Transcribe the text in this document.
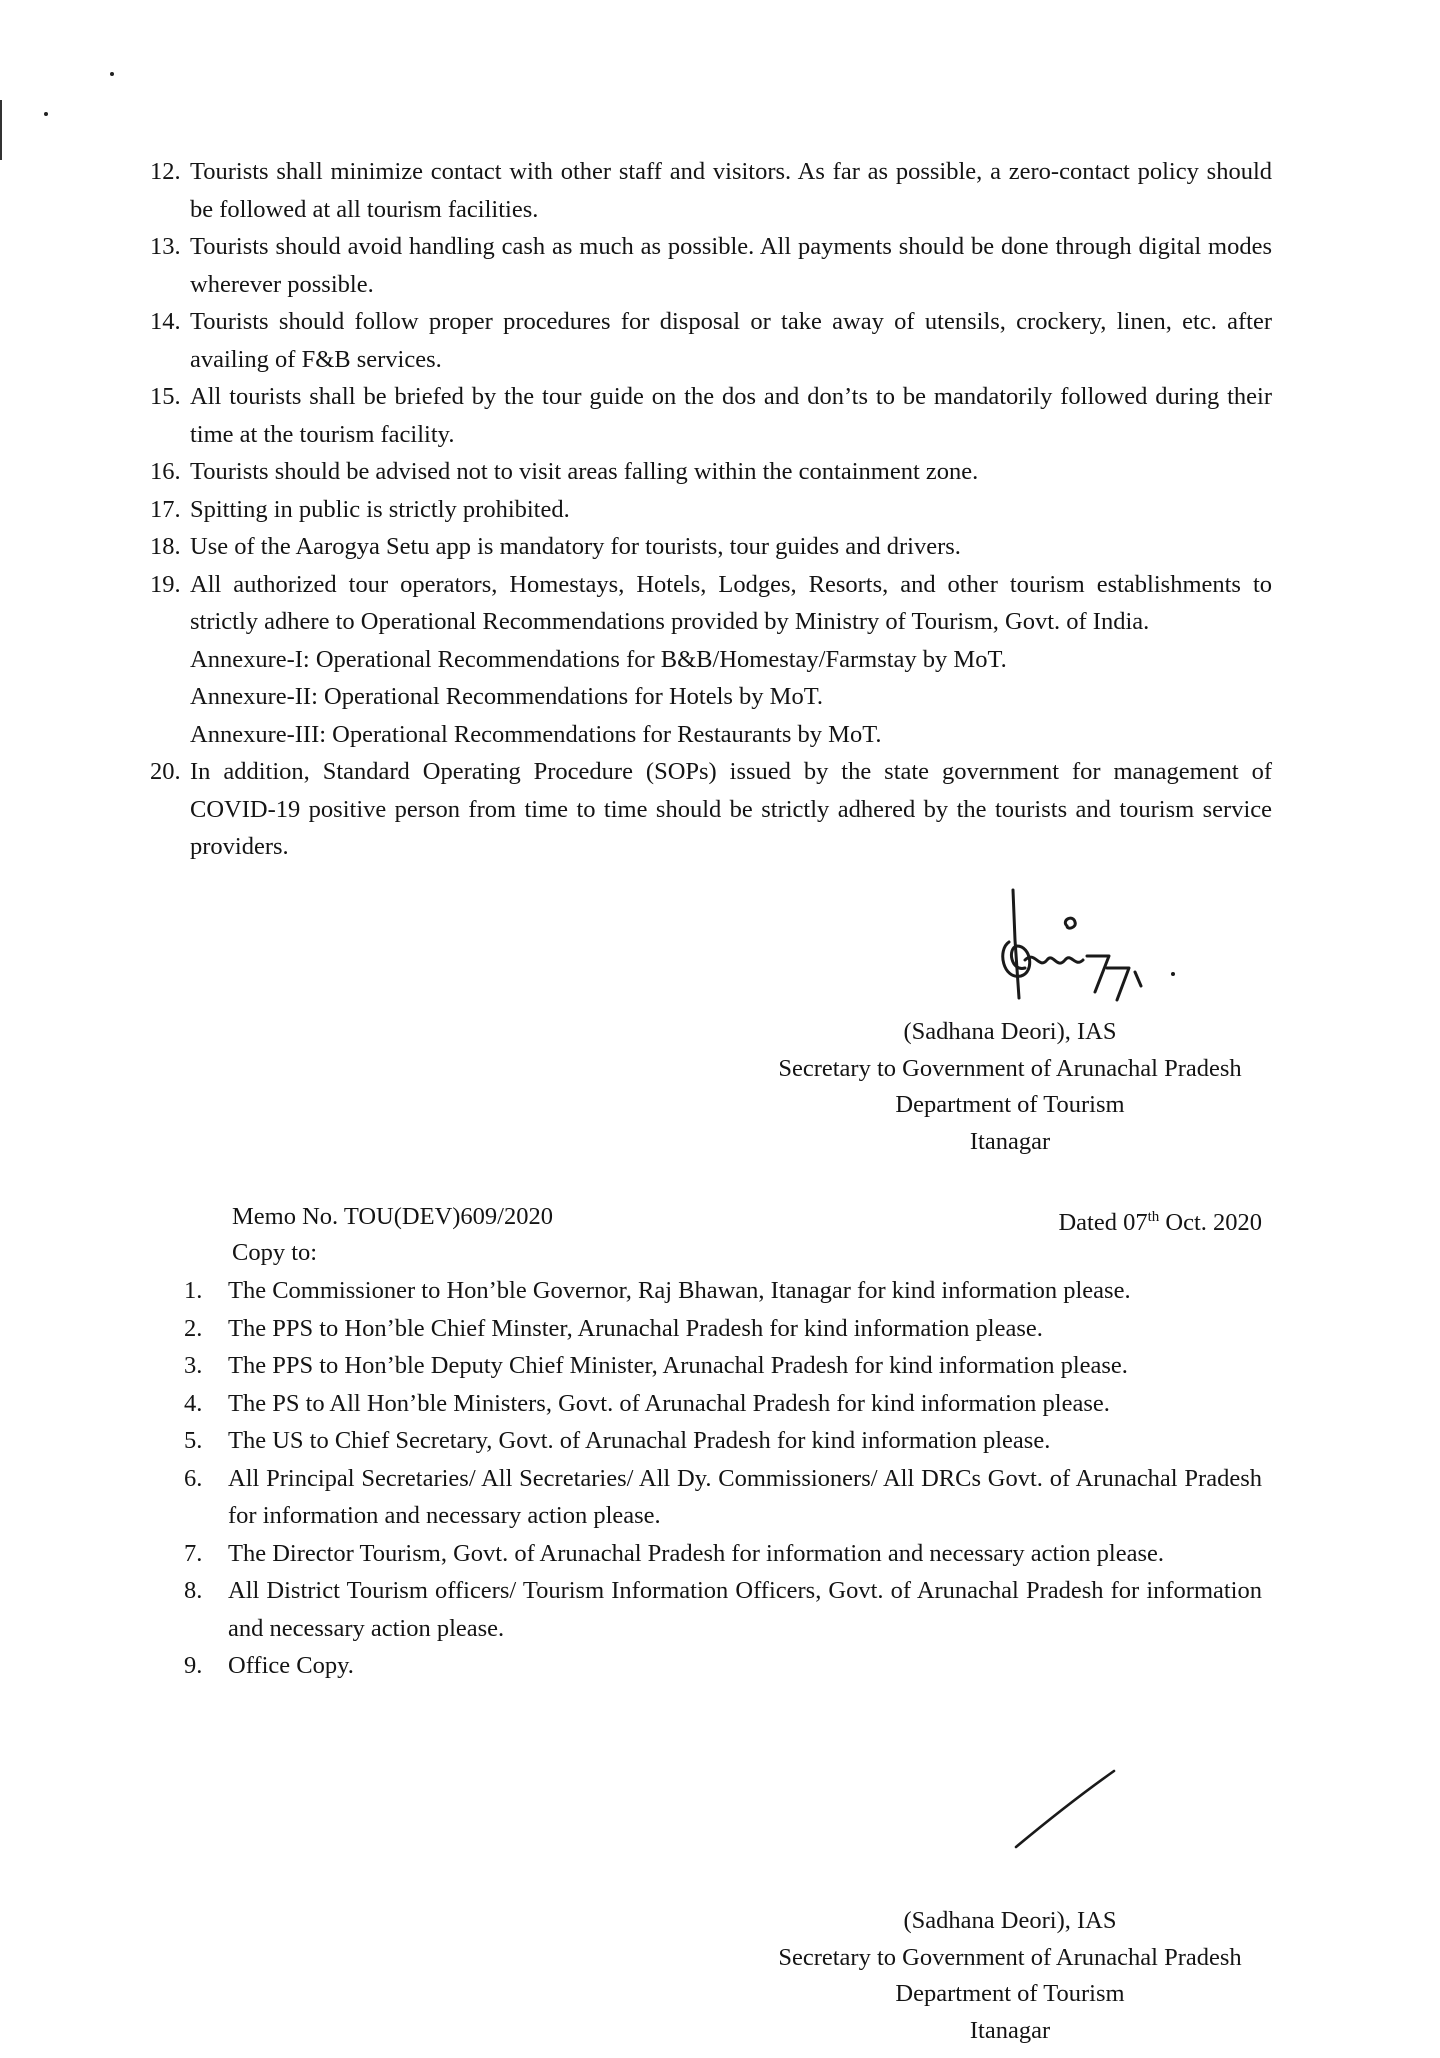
12. Tourists shall minimize contact with other staff and visitors. As far as possible, a zero-contact policy should be followed at all tourism facilities.
13. Tourists should avoid handling cash as much as possible. All payments should be done through digital modes wherever possible.
14. Tourists should follow proper procedures for disposal or take away of utensils, crockery, linen, etc. after availing of F&B services.
15. All tourists shall be briefed by the tour guide on the dos and don’ts to be mandatorily followed during their time at the tourism facility.
16. Tourists should be advised not to visit areas falling within the containment zone.
17. Spitting in public is strictly prohibited.
18. Use of the Aarogya Setu app is mandatory for tourists, tour guides and drivers.
19. All authorized tour operators, Homestays, Hotels, Lodges, Resorts, and other tourism establishments to strictly adhere to Operational Recommendations provided by Ministry of Tourism, Govt. of India.
Annexure-I: Operational Recommendations for B&B/Homestay/Farmstay by MoT.
Annexure-II: Operational Recommendations for Hotels by MoT.
Annexure-III: Operational Recommendations for Restaurants by MoT.
20. In addition, Standard Operating Procedure (SOPs) issued by the state government for management of COVID-19 positive person from time to time should be strictly adhered by the tourists and tourism service providers.
(Sadhana Deori), IAS
Secretary to Government of Arunachal Pradesh
Department of Tourism
Itanagar
Memo No. TOU(DEV)609/2020	Dated 07th Oct. 2020
Copy to:
1. The Commissioner to Hon’ble Governor, Raj Bhawan, Itanagar for kind information please.
2. The PPS to Hon’ble Chief Minster, Arunachal Pradesh for kind information please.
3. The PPS to Hon’ble Deputy Chief Minister, Arunachal Pradesh for kind information please.
4. The PS to All Hon’ble Ministers, Govt. of Arunachal Pradesh for kind information please.
5. The US to Chief Secretary, Govt. of Arunachal Pradesh for kind information please.
6. All Principal Secretaries/ All Secretaries/ All Dy. Commissioners/ All DRCs Govt. of Arunachal Pradesh for information and necessary action please.
7. The Director Tourism, Govt. of Arunachal Pradesh for information and necessary action please.
8. All District Tourism officers/ Tourism Information Officers, Govt. of Arunachal Pradesh for information and necessary action please.
9. Office Copy.
(Sadhana Deori), IAS
Secretary to Government of Arunachal Pradesh
Department of Tourism
Itanagar
